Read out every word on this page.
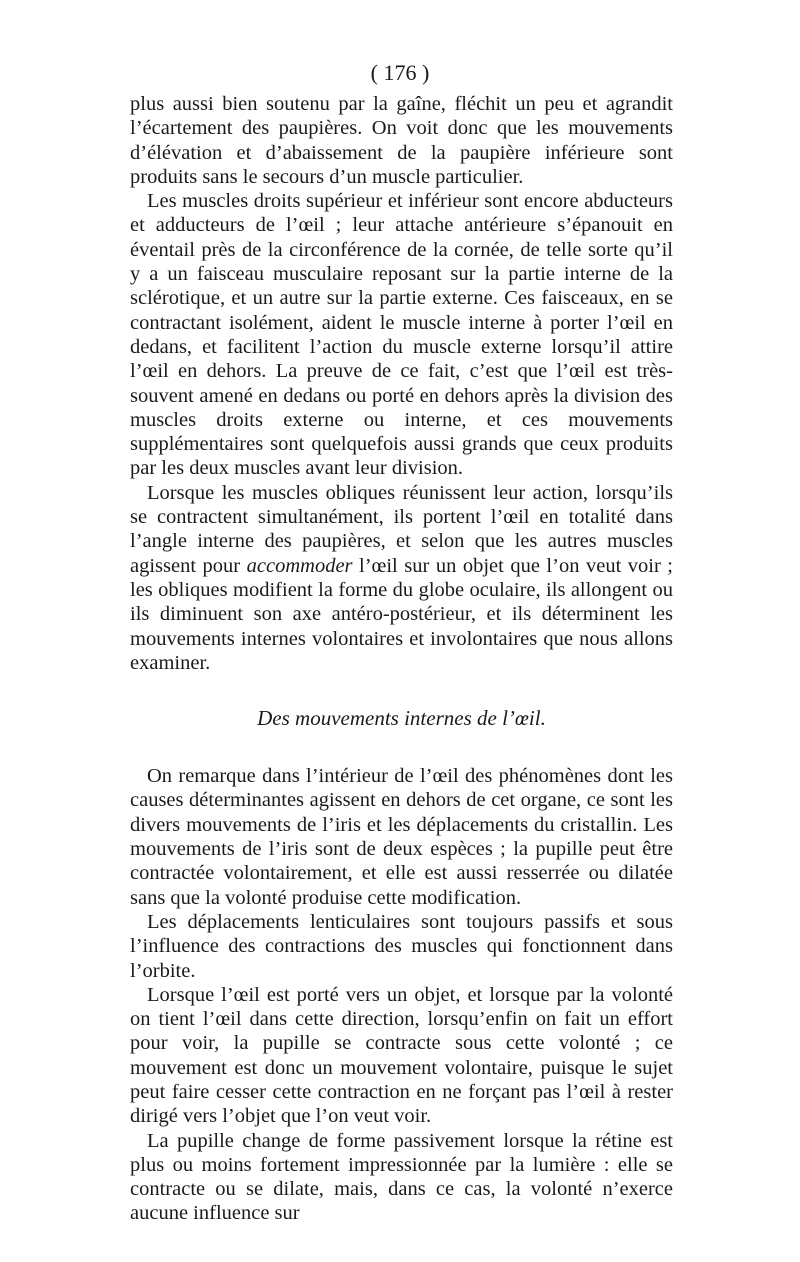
( 176 )

plus aussi bien soutenu par la gaîne, fléchit un peu et agrandit l’écartement des paupières. On voit donc que les mouvements d’élévation et d’abaissement de la paupière inférieure sont produits sans le secours d’un muscle particulier.

Les muscles droits supérieur et inférieur sont encore abducteurs et adducteurs de l’œil ; leur attache antérieure s’épanouit en éventail près de la circonférence de la cornée, de telle sorte qu’il y a un faisceau musculaire reposant sur la partie interne de la sclérotique, et un autre sur la partie externe. Ces faisceaux, en se contractant isolément, aident le muscle interne à porter l’œil en dedans, et facilitent l’action du muscle externe lorsqu’il attire l’œil en dehors. La preuve de ce fait, c’est que l’œil est très-souvent amené en dedans ou porté en dehors après la division des muscles droits externe ou interne, et ces mouvements supplémentaires sont quelquefois aussi grands que ceux produits par les deux muscles avant leur division.

Lorsque les muscles obliques réunissent leur action, lorsqu’ils se contractent simultanément, ils portent l’œil en totalité dans l’angle interne des paupières, et selon que les autres muscles agissent pour accommoder l’œil sur un objet que l’on veut voir ; les obliques modifient la forme du globe oculaire, ils allongent ou ils diminuent son axe antéro-postérieur, et ils déterminent les mouvements internes volontaires et involontaires que nous allons examiner.

Des mouvements internes de l’œil.

On remarque dans l’intérieur de l’œil des phénomènes dont les causes déterminantes agissent en dehors de cet organe, ce sont les divers mouvements de l’iris et les déplacements du cristallin. Les mouvements de l’iris sont de deux espèces ; la pupille peut être contractée volontairement, et elle est aussi resserrée ou dilatée sans que la volonté produise cette modification.

Les déplacements lenticulaires sont toujours passifs et sous l’influence des contractions des muscles qui fonctionnent dans l’orbite.

Lorsque l’œil est porté vers un objet, et lorsque par la volonté on tient l’œil dans cette direction, lorsqu’enfin on fait un effort pour voir, la pupille se contracte sous cette volonté ; ce mouvement est donc un mouvement volontaire, puisque le sujet peut faire cesser cette contraction en ne forçant pas l’œil à rester dirigé vers l’objet que l’on veut voir.

La pupille change de forme passivement lorsque la rétine est plus ou moins fortement impressionnée par la lumière : elle se contracte ou se dilate, mais, dans ce cas, la volonté n’exerce aucune influence sur
